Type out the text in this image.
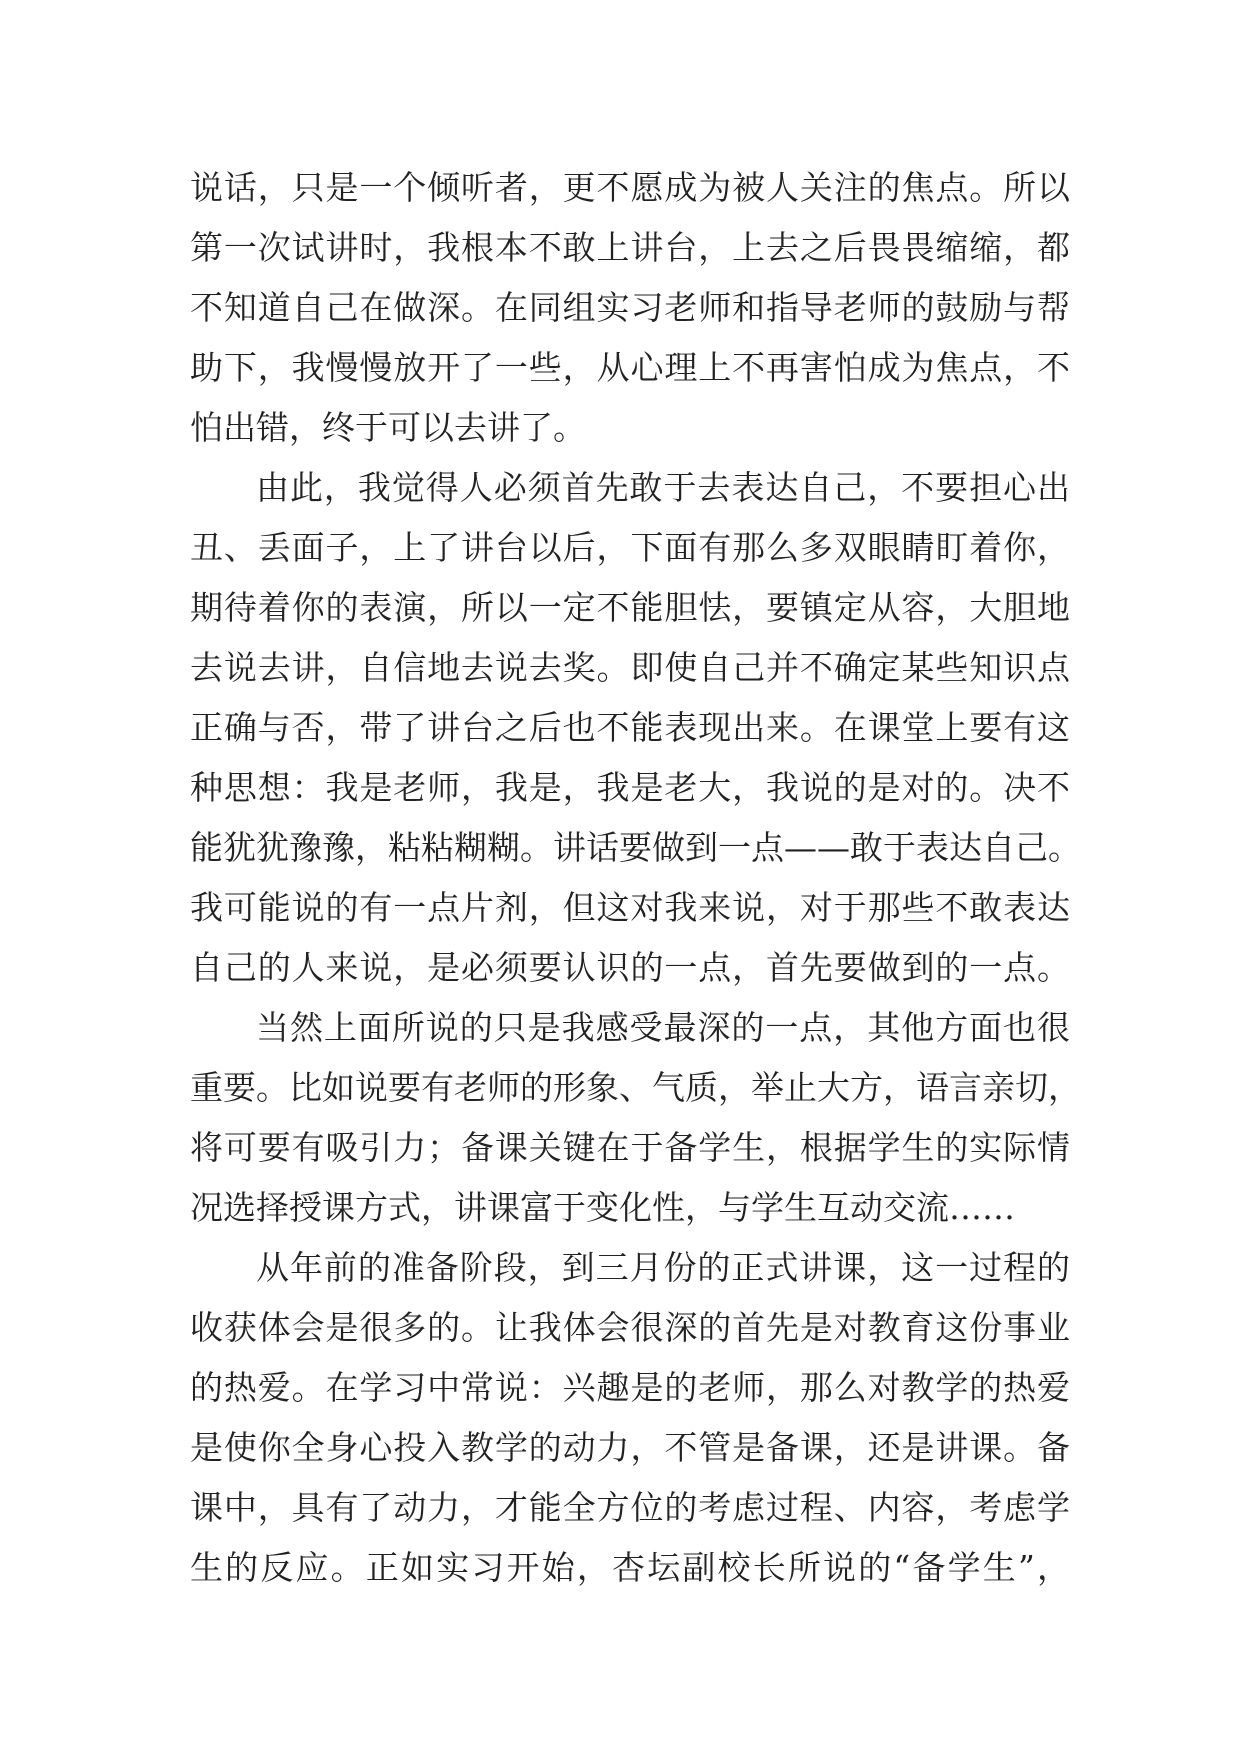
说话，只是一个倾听者，更不愿成为被人关注的焦点。所以
第一次试讲时，我根本不敢上讲台，上去之后畏畏缩缩，都
不知道自己在做深。在同组实习老师和指导老师的鼓励与帮
助下，我慢慢放开了一些，从心理上不再害怕成为焦点，不
怕出错，终于可以去讲了。
由此，我觉得人必须首先敢于去表达自己，不要担心出
丑、丢面子，上了讲台以后，下面有那么多双眼睛盯着你，
期待着你的表演，所以一定不能胆怯，要镇定从容，大胆地
去说去讲，自信地去说去奖。即使自己并不确定某些知识点
正确与否，带了讲台之后也不能表现出来。在课堂上要有这
种思想：我是老师，我是，我是老大，我说的是对的。决不
能犹犹豫豫，粘粘糊糊。讲话要做到一点——敢于表达自己。
我可能说的有一点片剂，但这对我来说，对于那些不敢表达
自己的人来说，是必须要认识的一点，首先要做到的一点。
当然上面所说的只是我感受最深的一点，其他方面也很
重要。比如说要有老师的形象、气质，举止大方，语言亲切，
将可要有吸引力；备课关键在于备学生，根据学生的实际情
况选择授课方式，讲课富于变化性，与学生互动交流……
从年前的准备阶段，到三月份的正式讲课，这一过程的
收获体会是很多的。让我体会很深的首先是对教育这份事业
的热爱。在学习中常说：兴趣是的老师，那么对教学的热爱
是使你全身心投入教学的动力，不管是备课，还是讲课。备
课中，具有了动力，才能全方位的考虑过程、内容，考虑学
生的反应。正如实习开始，杏坛副校长所说的“备学生”，
